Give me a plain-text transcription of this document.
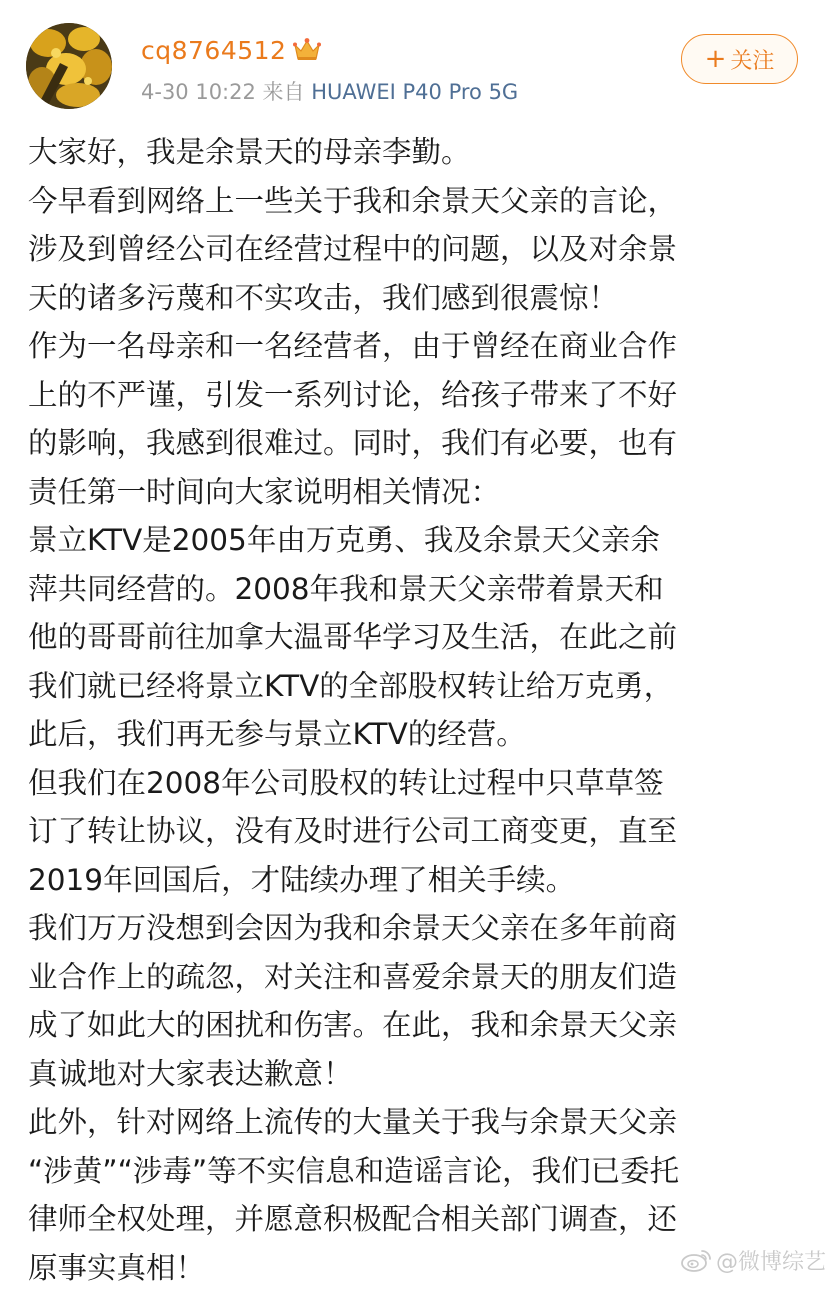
cq8764512
4-30 10:22 来自 HUAWEI P40 Pro 5G
+ 关注
大家好，我是余景天的母亲李勤。
今早看到网络上一些关于我和余景天父亲的言论，
涉及到曾经公司在经营过程中的问题，以及对余景
天的诸多污蔑和不实攻击，我们感到很震惊！
作为一名母亲和一名经营者，由于曾经在商业合作
上的不严谨，引发一系列讨论，给孩子带来了不好
的影响，我感到很难过。同时，我们有必要，也有
责任第一时间向大家说明相关情况：
景立KTV是2005年由万克勇、我及余景天父亲余
萍共同经营的。2008年我和景天父亲带着景天和
他的哥哥前往加拿大温哥华学习及生活，在此之前
我们就已经将景立KTV的全部股权转让给万克勇，
此后，我们再无参与景立KTV的经营。
但我们在2008年公司股权的转让过程中只草草签
订了转让协议，没有及时进行公司工商变更，直至
2019年回国后，才陆续办理了相关手续。
我们万万没想到会因为我和余景天父亲在多年前商
业合作上的疏忽，对关注和喜爱余景天的朋友们造
成了如此大的困扰和伤害。在此，我和余景天父亲
真诚地对大家表达歉意！
此外，针对网络上流传的大量关于我与余景天父亲
“涉黄”“涉毒”等不实信息和造谣言论，我们已委托
律师全权处理，并愿意积极配合相关部门调查，还
原事实真相！	@微博综艺
